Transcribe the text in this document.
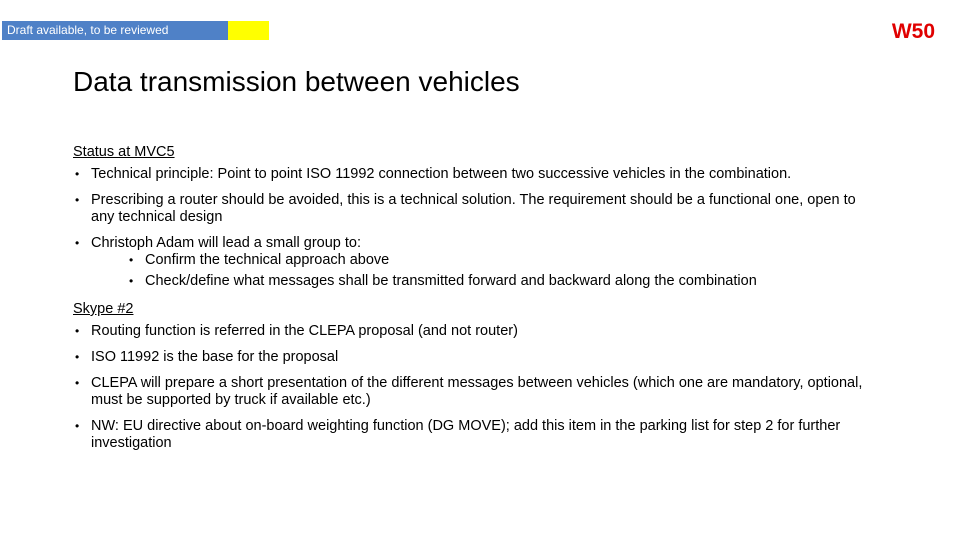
Draft available, to be reviewed	W50
Data transmission between vehicles
Status at MVC5
• Technical principle: Point to point ISO 11992 connection between two successive vehicles in the combination.
• Prescribing a router should be avoided, this is a technical solution. The requirement should be a functional one, open to any technical design
• Christoph Adam will lead a small group to:
• Confirm the technical approach above
• Check/define what messages shall be transmitted forward and backward along the combination
Skype #2
• Routing function is referred in the CLEPA proposal (and not router)
• ISO 11992 is the base for the proposal
• CLEPA will prepare a short presentation of the different messages between vehicles (which one are mandatory, optional, must be supported by truck if available etc.)
• NW: EU directive about on-board weighting function (DG MOVE); add this item in the parking list for step 2 for further investigation
